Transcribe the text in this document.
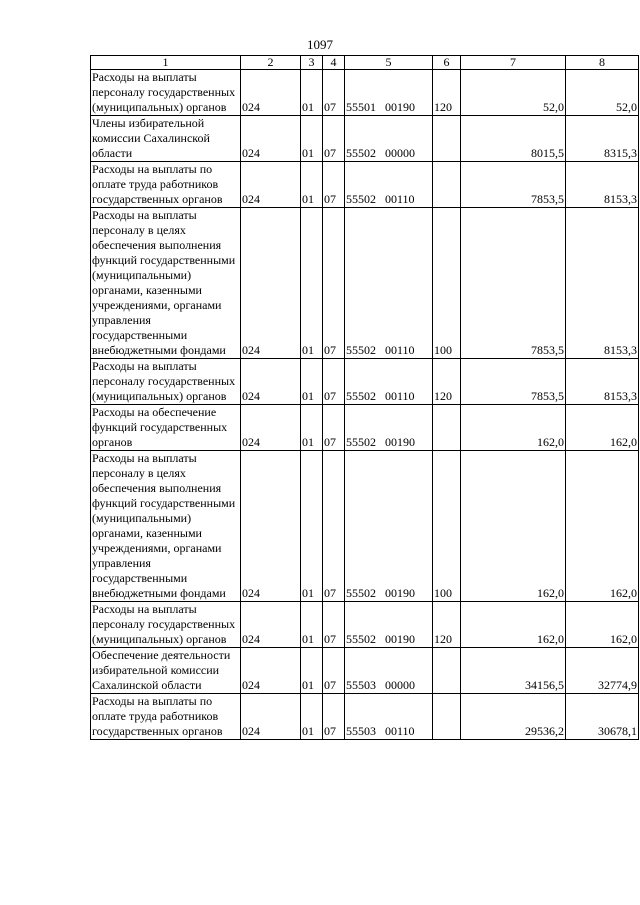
1097
1	2	3	4	5	6	7	8
Расходы на выплаты персоналу государственных (муниципальных) органов	024	01	07	55501 00190	120	52,0	52,0
Члены избирательной комиссии Сахалинской области	024	01	07	55502 00000		8015,5	8315,3
Расходы на выплаты по оплате труда работников государственных органов	024	01	07	55502 00110		7853,5	8153,3
Расходы на выплаты персоналу в целях обеспечения выполнения функций государственными (муниципальными) органами, казенными учреждениями, органами управления государственными внебюджетными фондами	024	01	07	55502 00110	100	7853,5	8153,3
Расходы на выплаты персоналу государственных (муниципальных) органов	024	01	07	55502 00110	120	7853,5	8153,3
Расходы на обеспечение функций государственных органов	024	01	07	55502 00190		162,0	162,0
Расходы на выплаты персоналу в целях обеспечения выполнения функций государственными (муниципальными) органами, казенными учреждениями, органами управления государственными внебюджетными фондами	024	01	07	55502 00190	100	162,0	162,0
Расходы на выплаты персоналу государственных (муниципальных) органов	024	01	07	55502 00190	120	162,0	162,0
Обеспечение деятельности избирательной комиссии Сахалинской области	024	01	07	55503 00000		34156,5	32774,9
Расходы на выплаты по оплате труда работников государственных органов	024	01	07	55503 00110		29536,2	30678,1
